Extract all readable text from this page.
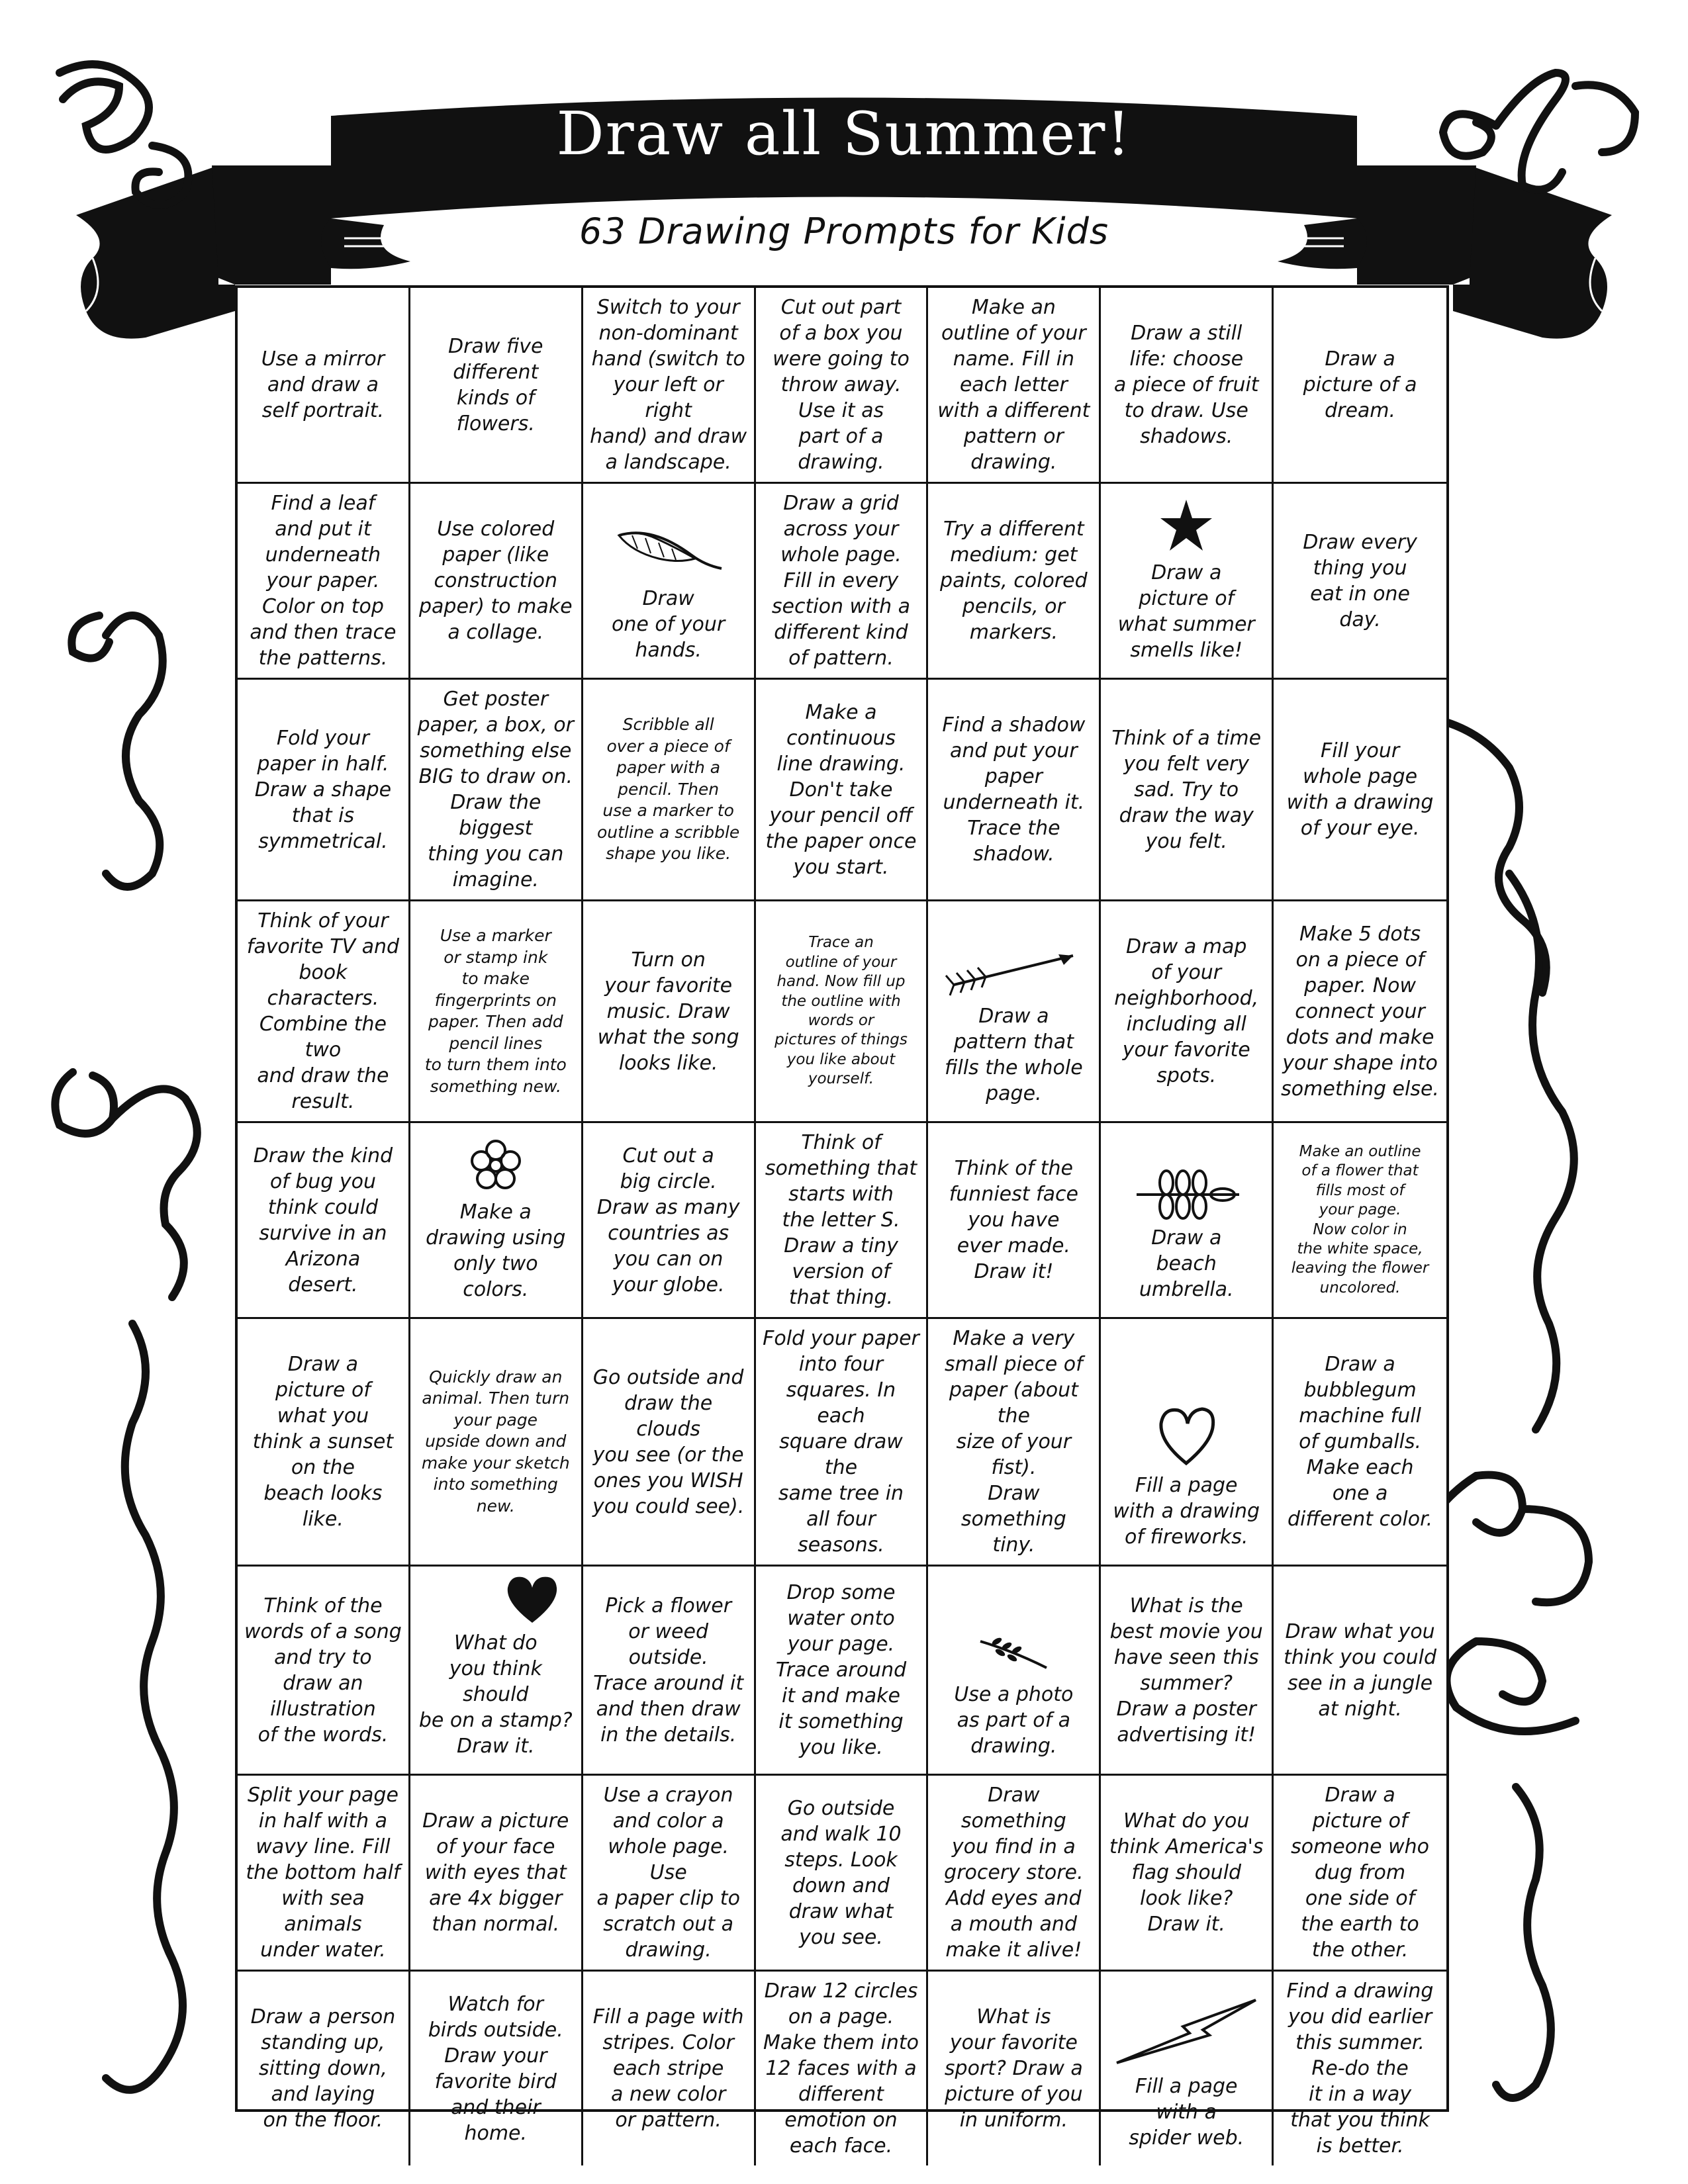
Draw all Summer!
63 Drawing Prompts for Kids
Use a mirror
and draw a
self portrait.
Draw five
different
kinds of
flowers.
Switch to your
non-dominant
hand (switch to
your left or right
hand) and draw
a landscape.
Cut out part
of a box you
were going to
throw away.
Use it as
part of a
drawing.
Make an
outline of your
name. Fill in
each letter
with a different
pattern or
drawing.
Draw a still
life: choose
a piece of fruit
to draw. Use
shadows.
Draw a
picture of a
dream.
Find a leaf
and put it
underneath
your paper.
Color on top
and then trace
the patterns.
Use colored
paper (like
construction
paper) to make
a collage.
Draw
one of your
hands.
Draw a grid
across your
whole page.
Fill in every
section with a
different kind
of pattern.
Try a different
medium: get
paints, colored
pencils, or
markers.
Draw a
picture of
what summer
smells like!
Draw every
thing you
eat in one
day.
Fold your
paper in half.
Draw a shape
that is
symmetrical.
Get poster
paper, a box, or
something else
BIG to draw on.
Draw the biggest
thing you can
imagine.
Scribble all
over a piece of
paper with a
pencil. Then
use a marker to
outline a scribble
shape you like.
Make a
continuous
line drawing.
Don't take
your pencil off
the paper once
you start.
Find a shadow
and put your
paper
underneath it.
Trace the
shadow.
Think of a time
you felt very
sad. Try to
draw the way
you felt.
Fill your
whole page
with a drawing
of your eye.
Think of your
favorite TV and
book characters.
Combine the two
and draw the
result.
Use a marker
or stamp ink
to make
fingerprints on
paper. Then add
pencil lines
to turn them into
something new.
Turn on
your favorite
music. Draw
what the song
looks like.
Trace an
outline of your
hand. Now fill up
the outline with
words or
pictures of things
you like about
yourself.
Draw a
pattern that
fills the whole
page.
Draw a map
of your
neighborhood,
including all
your favorite
spots.
Make 5 dots
on a piece of
paper. Now
connect your
dots and make
your shape into
something else.
Draw the kind
of bug you
think could
survive in an
Arizona
desert.
Make a
drawing using
only two
colors.
Cut out a
big circle.
Draw as many
countries as
you can on
your globe.
Think of
something that
starts with
the letter S.
Draw a tiny
version of
that thing.
Think of the
funniest face
you have
ever made.
Draw it!
Draw a
beach
umbrella.
Make an outline
of a flower that
fills most of
your page.
Now color in
the white space,
leaving the flower
uncolored.
Draw a
picture of
what you
think a sunset
on the
beach looks like.
Quickly draw an
animal. Then turn
your page
upside down and
make your sketch
into something
new.
Go outside and
draw the clouds
you see (or the
ones you WISH
you could see).
Fold your paper
into four
squares. In each
square draw the
same tree in
all four seasons.
Make a very
small piece of
paper (about the
size of your fist).
Draw something
tiny.
Fill a page
with a drawing
of fireworks.
Draw a
bubblegum
machine full
of gumballs.
Make each
one a
different color.
Think of the
words of a song
and try to
draw an
illustration
of the words.
What do
you think should
be on a stamp?
Draw it.
Pick a flower
or weed outside.
Trace around it
and then draw
in the details.
Drop some
water onto
your page.
Trace around
it and make
it something
you like.
Use a photo
as part of a
drawing.
What is the
best movie you
have seen this
summer?
Draw a poster
advertising it!
Draw what you
think you could
see in a jungle
at night.
Split your page
in half with a
wavy line. Fill
the bottom half
with sea animals
under water.
Draw a picture
of your face
with eyes that
are 4x bigger
than normal.
Use a crayon
and color a
whole page. Use
a paper clip to
scratch out a
drawing.
Go outside
and walk 10
steps. Look
down and
draw what
you see.
Draw something
you find in a
grocery store.
Add eyes and
a mouth and
make it alive!
What do you
think America's
flag should
look like?
Draw it.
Draw a
picture of
someone who
dug from
one side of
the earth to
the other.
Draw a person
standing up,
sitting down,
and laying
on the floor.
Watch for
birds outside.
Draw your
favorite bird
and their
home.
Fill a page with
stripes. Color
each stripe
a new color
or pattern.
Draw 12 circles
on a page.
Make them into
12 faces with a
different
emotion on
each face.
What is
your favorite
sport? Draw a
picture of you
in uniform.
Fill a page
with a
spider web.
Find a drawing
you did earlier
this summer.
Re-do the
it in a way
that you think
is better.
